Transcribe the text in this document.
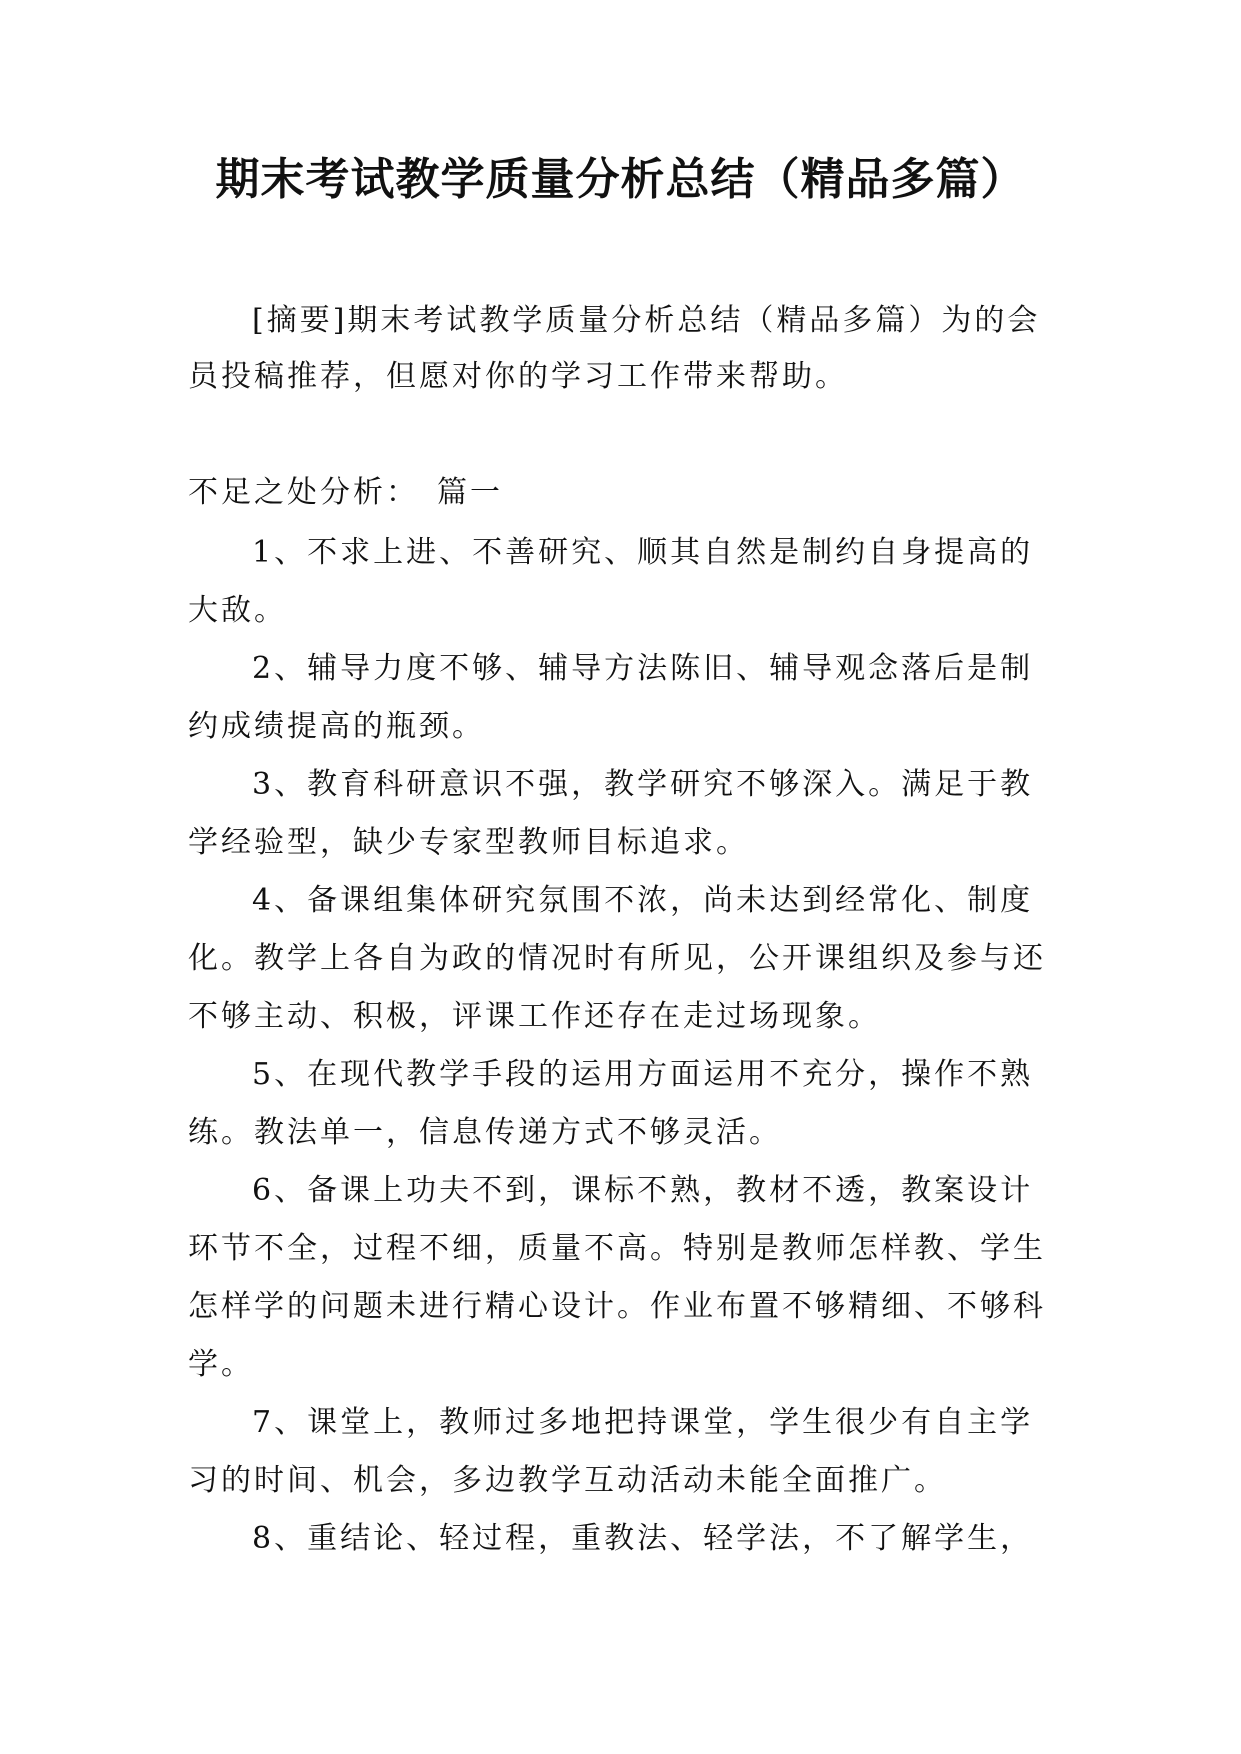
期末考试教学质量分析总结（精品多篇）

[摘要]期末考试教学质量分析总结（精品多篇）为的会员投稿推荐，但愿对你的学习工作带来帮助。

不足之处分析：　篇一

1、不求上进、不善研究、顺其自然是制约自身提高的大敌。

2、辅导力度不够、辅导方法陈旧、辅导观念落后是制约成绩提高的瓶颈。

3、教育科研意识不强，教学研究不够深入。满足于教学经验型，缺少专家型教师目标追求。

4、备课组集体研究氛围不浓，尚未达到经常化、制度化。教学上各自为政的情况时有所见，公开课组织及参与还不够主动、积极，评课工作还存在走过场现象。

5、在现代教学手段的运用方面运用不充分，操作不熟练。教法单一，信息传递方式不够灵活。

6、备课上功夫不到，课标不熟，教材不透，教案设计环节不全，过程不细，质量不高。特别是教师怎样教、学生怎样学的问题未进行精心设计。作业布置不够精细、不够科学。

7、课堂上，教师过多地把持课堂，学生很少有自主学习的时间、机会，多边教学互动活动未能全面推广。

8、重结论、轻过程，重教法、轻学法，不了解学生，
